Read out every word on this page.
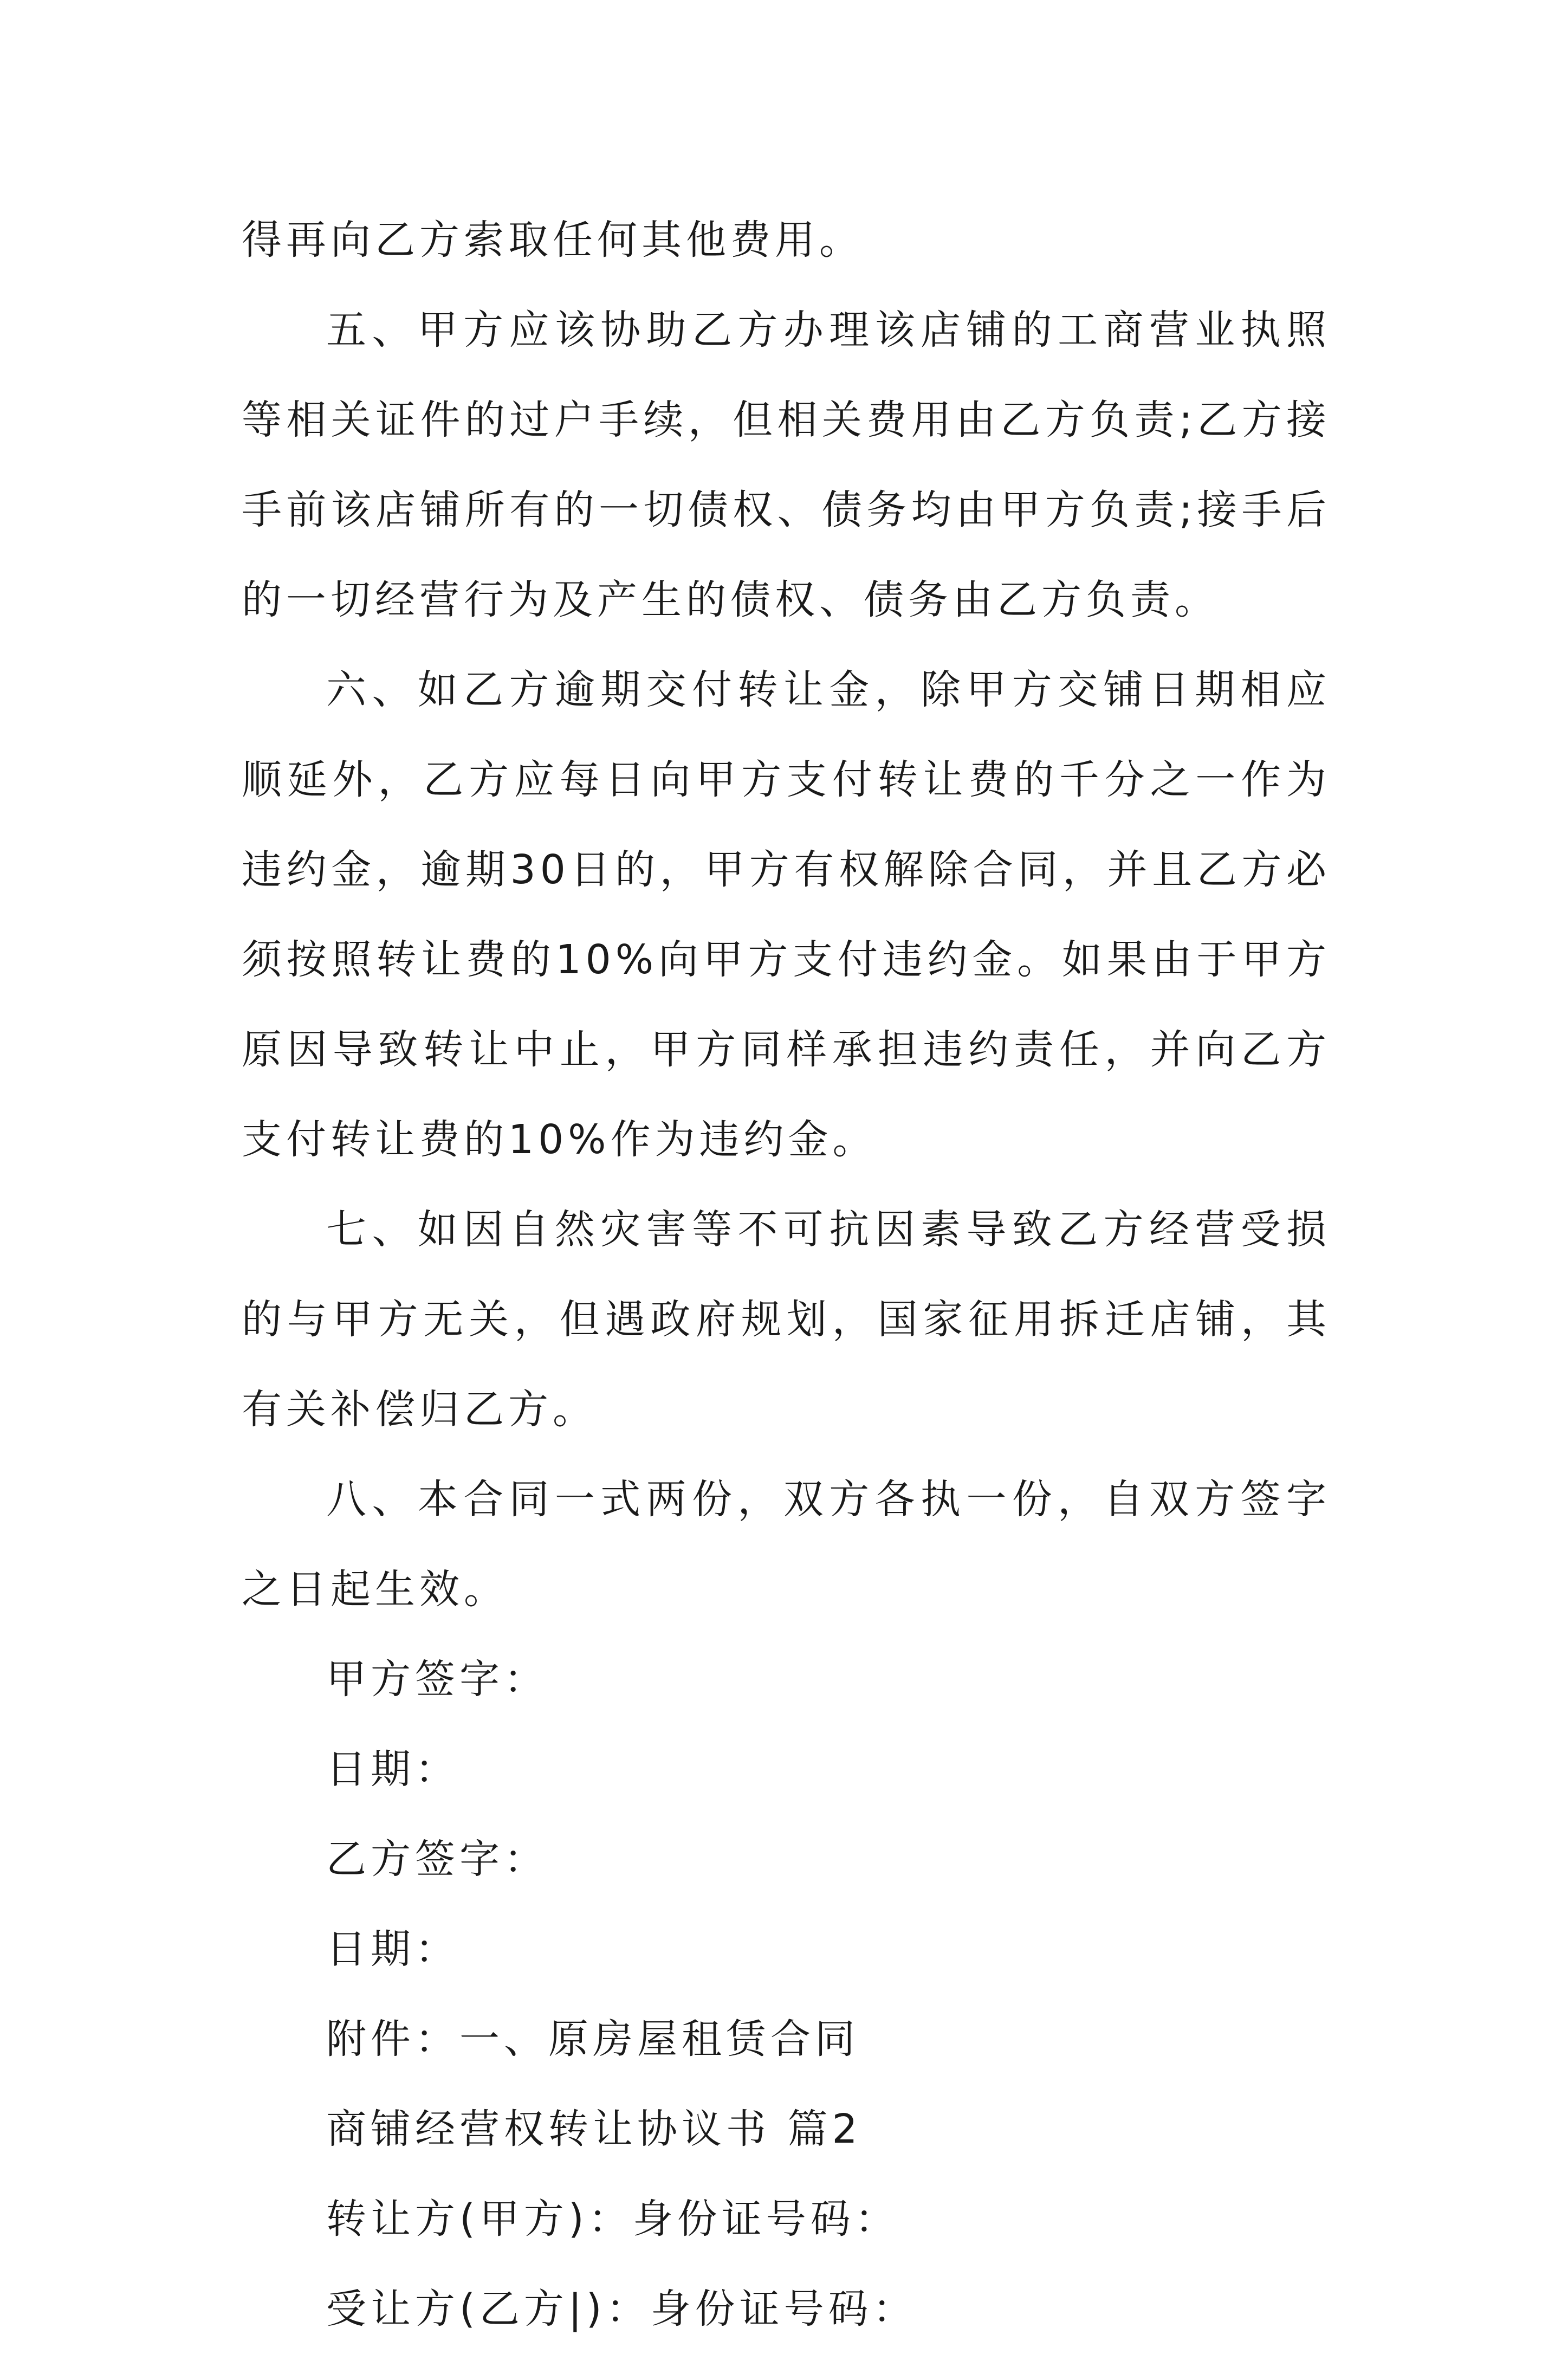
得再向乙方索取任何其他费用。

五、甲方应该协助乙方办理该店铺的工商营业执照等相关证件的过户手续，但相关费用由乙方负责;乙方接手前该店铺所有的一切债权、债务均由甲方负责;接手后的一切经营行为及产生的债权、债务由乙方负责。

六、如乙方逾期交付转让金，除甲方交铺日期相应顺延外，乙方应每日向甲方支付转让费的千分之一作为违约金，逾期30日的，甲方有权解除合同，并且乙方必须按照转让费的10%向甲方支付违约金。如果由于甲方原因导致转让中止，甲方同样承担违约责任，并向乙方支付转让费的10%作为违约金。

七、如因自然灾害等不可抗因素导致乙方经营受损的与甲方无关，但遇政府规划，国家征用拆迁店铺，其有关补偿归乙方。

八、本合同一式两份，双方各执一份，自双方签字之日起生效。

甲方签字：

日期：

乙方签字：

日期：

附件：一、原房屋租赁合同

商铺经营权转让协议书 篇2

转让方(甲方)：身份证号码：

受让方(乙方|)：身份证号码：
